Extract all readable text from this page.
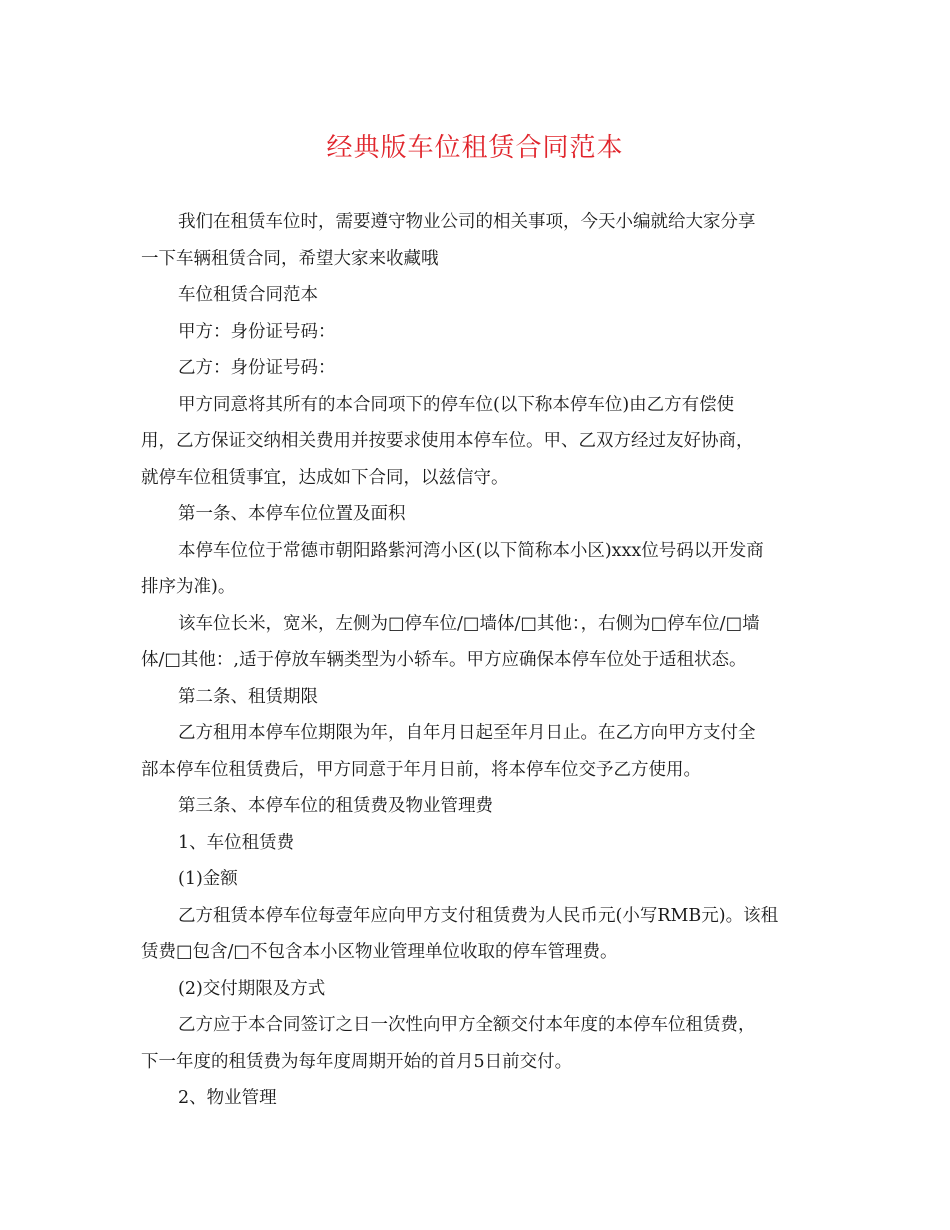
经典版车位租赁合同范本
我们在租赁车位时，需要遵守物业公司的相关事项，今天小编就给大家分享
一下车辆租赁合同，希望大家来收藏哦
车位租赁合同范本
甲方：身份证号码：
乙方：身份证号码：
甲方同意将其所有的本合同项下的停车位(以下称本停车位)由乙方有偿使
用，乙方保证交纳相关费用并按要求使用本停车位。甲、乙双方经过友好协商，
就停车位租赁事宜，达成如下合同，以兹信守。
第一条、本停车位位置及面积
本停车位位于常德市朝阳路紫河湾小区(以下简称本小区)xxx位号码以开发商
排序为准)。
该车位长米，宽米，左侧为□停车位/□墙体/□其他：，右侧为□停车位/□墙
体/□其他：,适于停放车辆类型为小轿车。甲方应确保本停车位处于适租状态。
第二条、租赁期限
乙方租用本停车位期限为年，自年月日起至年月日止。在乙方向甲方支付全
部本停车位租赁费后，甲方同意于年月日前，将本停车位交予乙方使用。
第三条、本停车位的租赁费及物业管理费
1、车位租赁费
(1)金额
乙方租赁本停车位每壹年应向甲方支付租赁费为人民币元(小写RMB元)。该租
赁费□包含/□不包含本小区物业管理单位收取的停车管理费。
(2)交付期限及方式
乙方应于本合同签订之日一次性向甲方全额交付本年度的本停车位租赁费，
下一年度的租赁费为每年度周期开始的首月5日前交付。
2、物业管理
